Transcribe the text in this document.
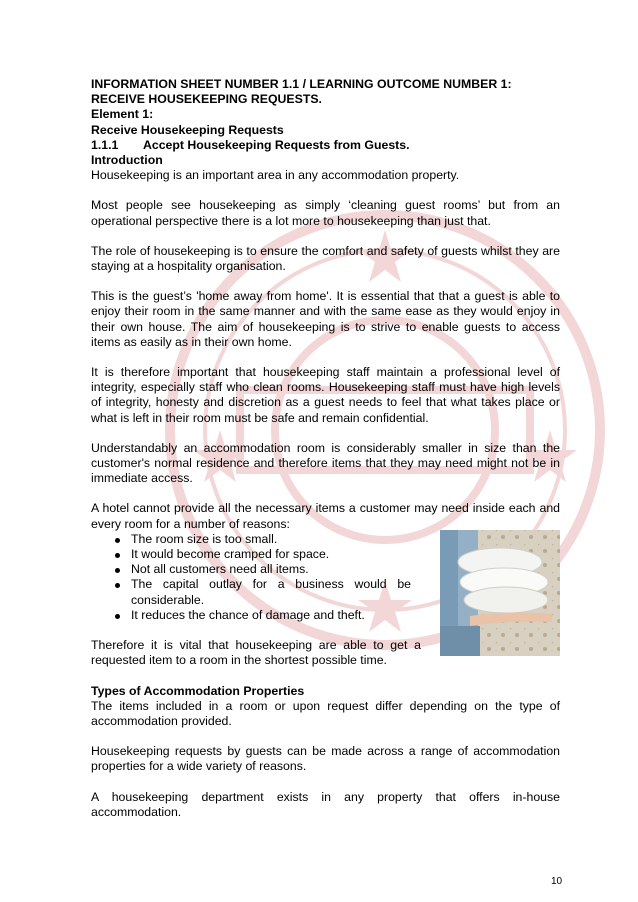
INFORMATION SHEET NUMBER 1.1 / LEARNING OUTCOME NUMBER 1:

RECEIVE HOUSEKEEPING REQUESTS.

Element 1:

Receive Housekeeping Requests

1.1.1	Accept Housekeeping Requests from Guests.

Introduction

Housekeeping is an important area in any accommodation property.

Most people see housekeeping as simply ‘cleaning guest rooms’ but from an operational perspective there is a lot more to housekeeping than just that.

The role of housekeeping is to ensure the comfort and safety of guests whilst they are staying at a hospitality organisation.

This is the guest’s 'home away from home'. It is essential that that a guest is able to enjoy their room in the same manner and with the same ease as they would enjoy in their own house. The aim of housekeeping is to strive to enable guests to access items as easily as in their own home.

It is therefore important that housekeeping staff maintain a professional level of integrity, especially staff who clean rooms. Housekeeping staff must have high levels of integrity, honesty and discretion as a guest needs to feel that what takes place or what is left in their room must be safe and remain confidential.

Understandably an accommodation room is considerably smaller in size than the customer's normal residence and therefore items that they may need might not be in immediate access.

A hotel cannot provide all the necessary items a customer may need inside each and every room for a number of reasons:

The room size is too small.
It would become cramped for space.
Not all customers need all items.
The capital outlay for a business would be considerable.
It reduces the chance of damage and theft.

Therefore it is vital that housekeeping are able to get a requested item to a room in the shortest possible time.

Types of Accommodation Properties

The items included in a room or upon request differ depending on the type of accommodation provided.

Housekeeping requests by guests can be made across a range of accommodation properties for a wide variety of reasons.

A housekeeping department exists in any property that offers in-house accommodation.

10
